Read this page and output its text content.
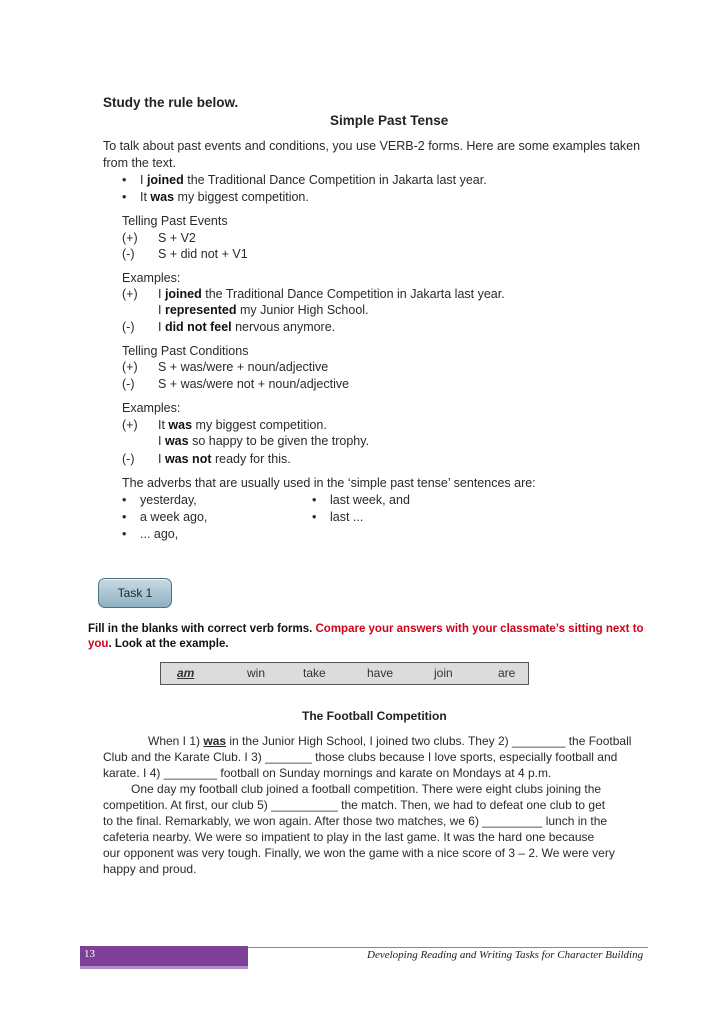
Study the rule below.
Simple Past Tense
To talk about past events and conditions, you use VERB-2 forms. Here are some examples taken
from the text.
• I joined the Traditional Dance Competition in Jakarta last year.
• It was my biggest competition.
Telling Past Events
(+) S + V2
(-) S + did not + V1
Examples:
(+) I joined the Traditional Dance Competition in Jakarta last year.
I represented my Junior High School.
(-) I did not feel nervous anymore.
Telling Past Conditions
(+) S + was/were + noun/adjective
(-) S + was/were not + noun/adjective
Examples:
(+) It was my biggest competition.
I was so happy to be given the trophy.
(-) I was not ready for this.
The adverbs that are usually used in the ‘simple past tense’ sentences are:
• yesterday,	• last week, and
• a week ago,	• last ...
• ... ago,
Task 1
Fill in the blanks with correct verb forms. Compare your answers with your classmate’s sitting next to you. Look at the example.
am	win	take	have	join	are
The Football Competition
When I 1) was in the Junior High School, I joined two clubs. They 2) ________ the Football
Club and the Karate Club. I 3) _______ those clubs because I love sports, especially football and
karate. I 4) ________ football on Sunday mornings and karate on Mondays at 4 p.m.
One day my football club joined a football competition. There were eight clubs joining the
competition. At first, our club 5) __________ the match. Then, we had to defeat one club to get
to the final. Remarkably, we won again. After those two matches, we 6) _________ lunch in the
cafeteria nearby. We were so impatient to play in the last game. It was the hard one because
our opponent was very tough. Finally, we won the game with a nice score of 3 – 2. We were very
happy and proud.
13	Developing Reading and Writing Tasks for Character Building
